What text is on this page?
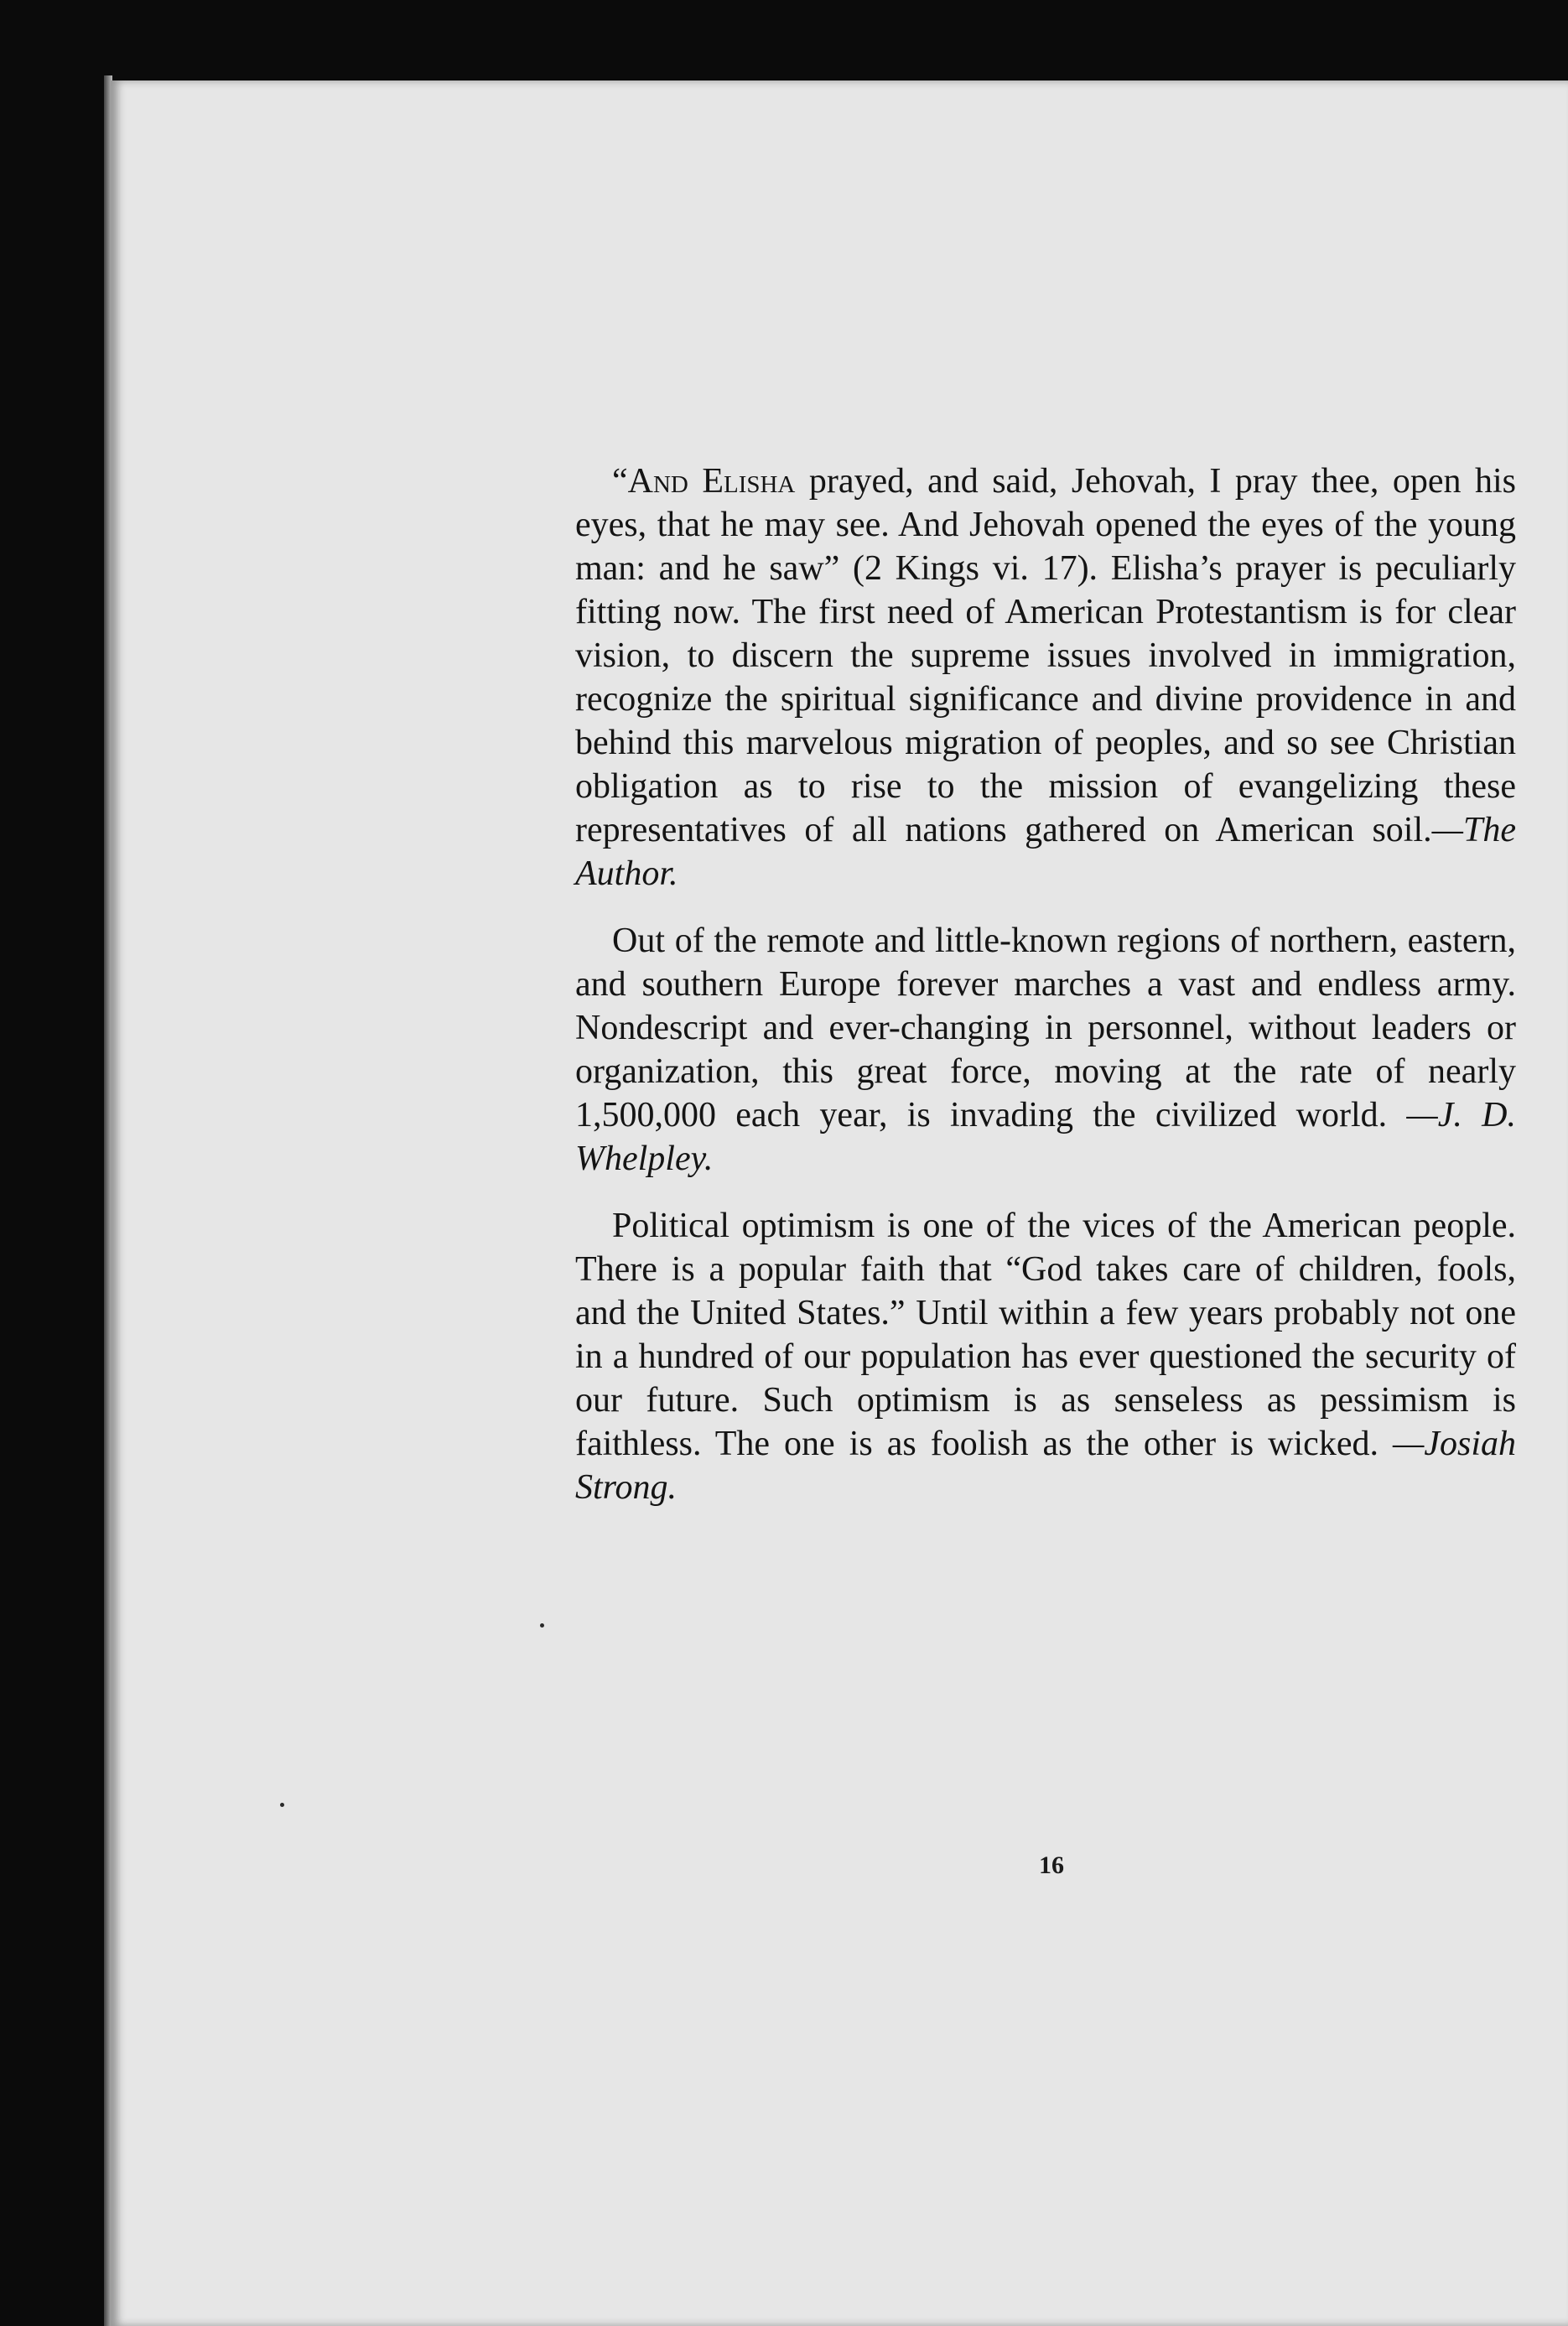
“And Elisha prayed, and said, Jehovah, I pray thee, open his eyes, that he may see. And Jehovah opened the eyes of the young man: and he saw” (2 Kings vi. 17). Elisha’s prayer is peculiarly fitting now. The first need of American Protestantism is for clear vision, to discern the supreme issues involved in immigration, recognize the spiritual significance and divine providence in and behind this marvelous migration of peoples, and so see Christian obligation as to rise to the mission of evangelizing these representatives of all nations gathered on American soil.—The Author.

Out of the remote and little-known regions of northern, eastern, and southern Europe forever marches a vast and endless army. Nondescript and ever-changing in personnel, without leaders or organization, this great force, moving at the rate of nearly 1,500,000 each year, is invading the civilized world. —J. D. Whelpley.

Political optimism is one of the vices of the American people. There is a popular faith that “God takes care of children, fools, and the United States.” Until within a few years probably not one in a hundred of our population has ever questioned the security of our future. Such optimism is as senseless as pessimism is faithless. The one is as foolish as the other is wicked. —Josiah Strong.

16
